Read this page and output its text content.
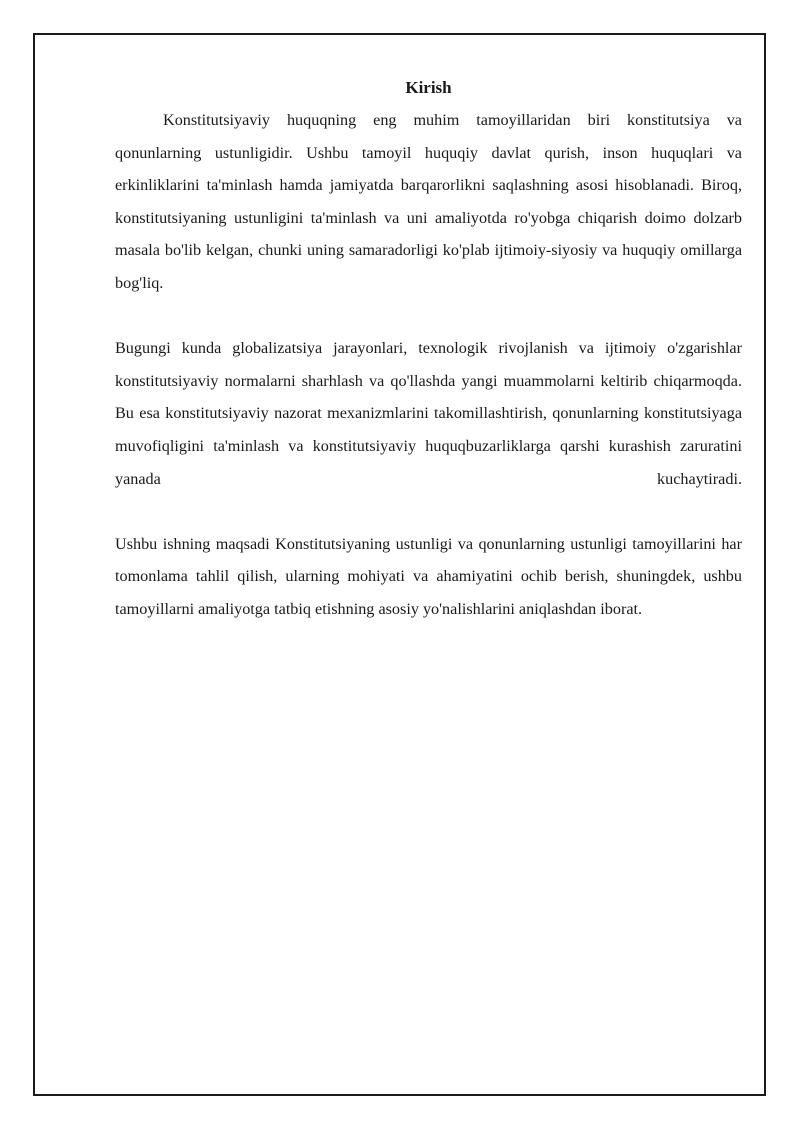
Kirish

Konstitutsiyaviy huquqning eng muhim tamoyillaridan biri konstitutsiya va qonunlarning ustunligidir. Ushbu tamoyil huquqiy davlat qurish, inson huquqlari va erkinliklarini ta'minlash hamda jamiyatda barqarorlikni saqlashning asosi hisoblanadi. Biroq, konstitutsiyaning ustunligini ta'minlash va uni amaliyotda ro'yobga chiqarish doimo dolzarb masala bo'lib kelgan, chunki uning samaradorligi ko'plab ijtimoiy-siyosiy va huquqiy omillarga bog'liq.

Bugungi kunda globalizatsiya jarayonlari, texnologik rivojlanish va ijtimoiy o'zgarishlar konstitutsiyaviy normalarni sharhlash va qo'llashda yangi muammolarni keltirib chiqarmoqda. Bu esa konstitutsiyaviy nazorat mexanizmlarini takomillashtirish, qonunlarning konstitutsiyaga muvofiqligini ta'minlash va konstitutsiyaviy huquqbuzarliklarga qarshi kurashish zaruratini yanada kuchaytiradi.

Ushbu ishning maqsadi Konstitutsiyaning ustunligi va qonunlarning ustunligi tamoyillarini har tomonlama tahlil qilish, ularning mohiyati va ahamiyatini ochib berish, shuningdek, ushbu tamoyillarni amaliyotga tatbiq etishning asosiy yo'nalishlarini aniqlashdan iborat.
